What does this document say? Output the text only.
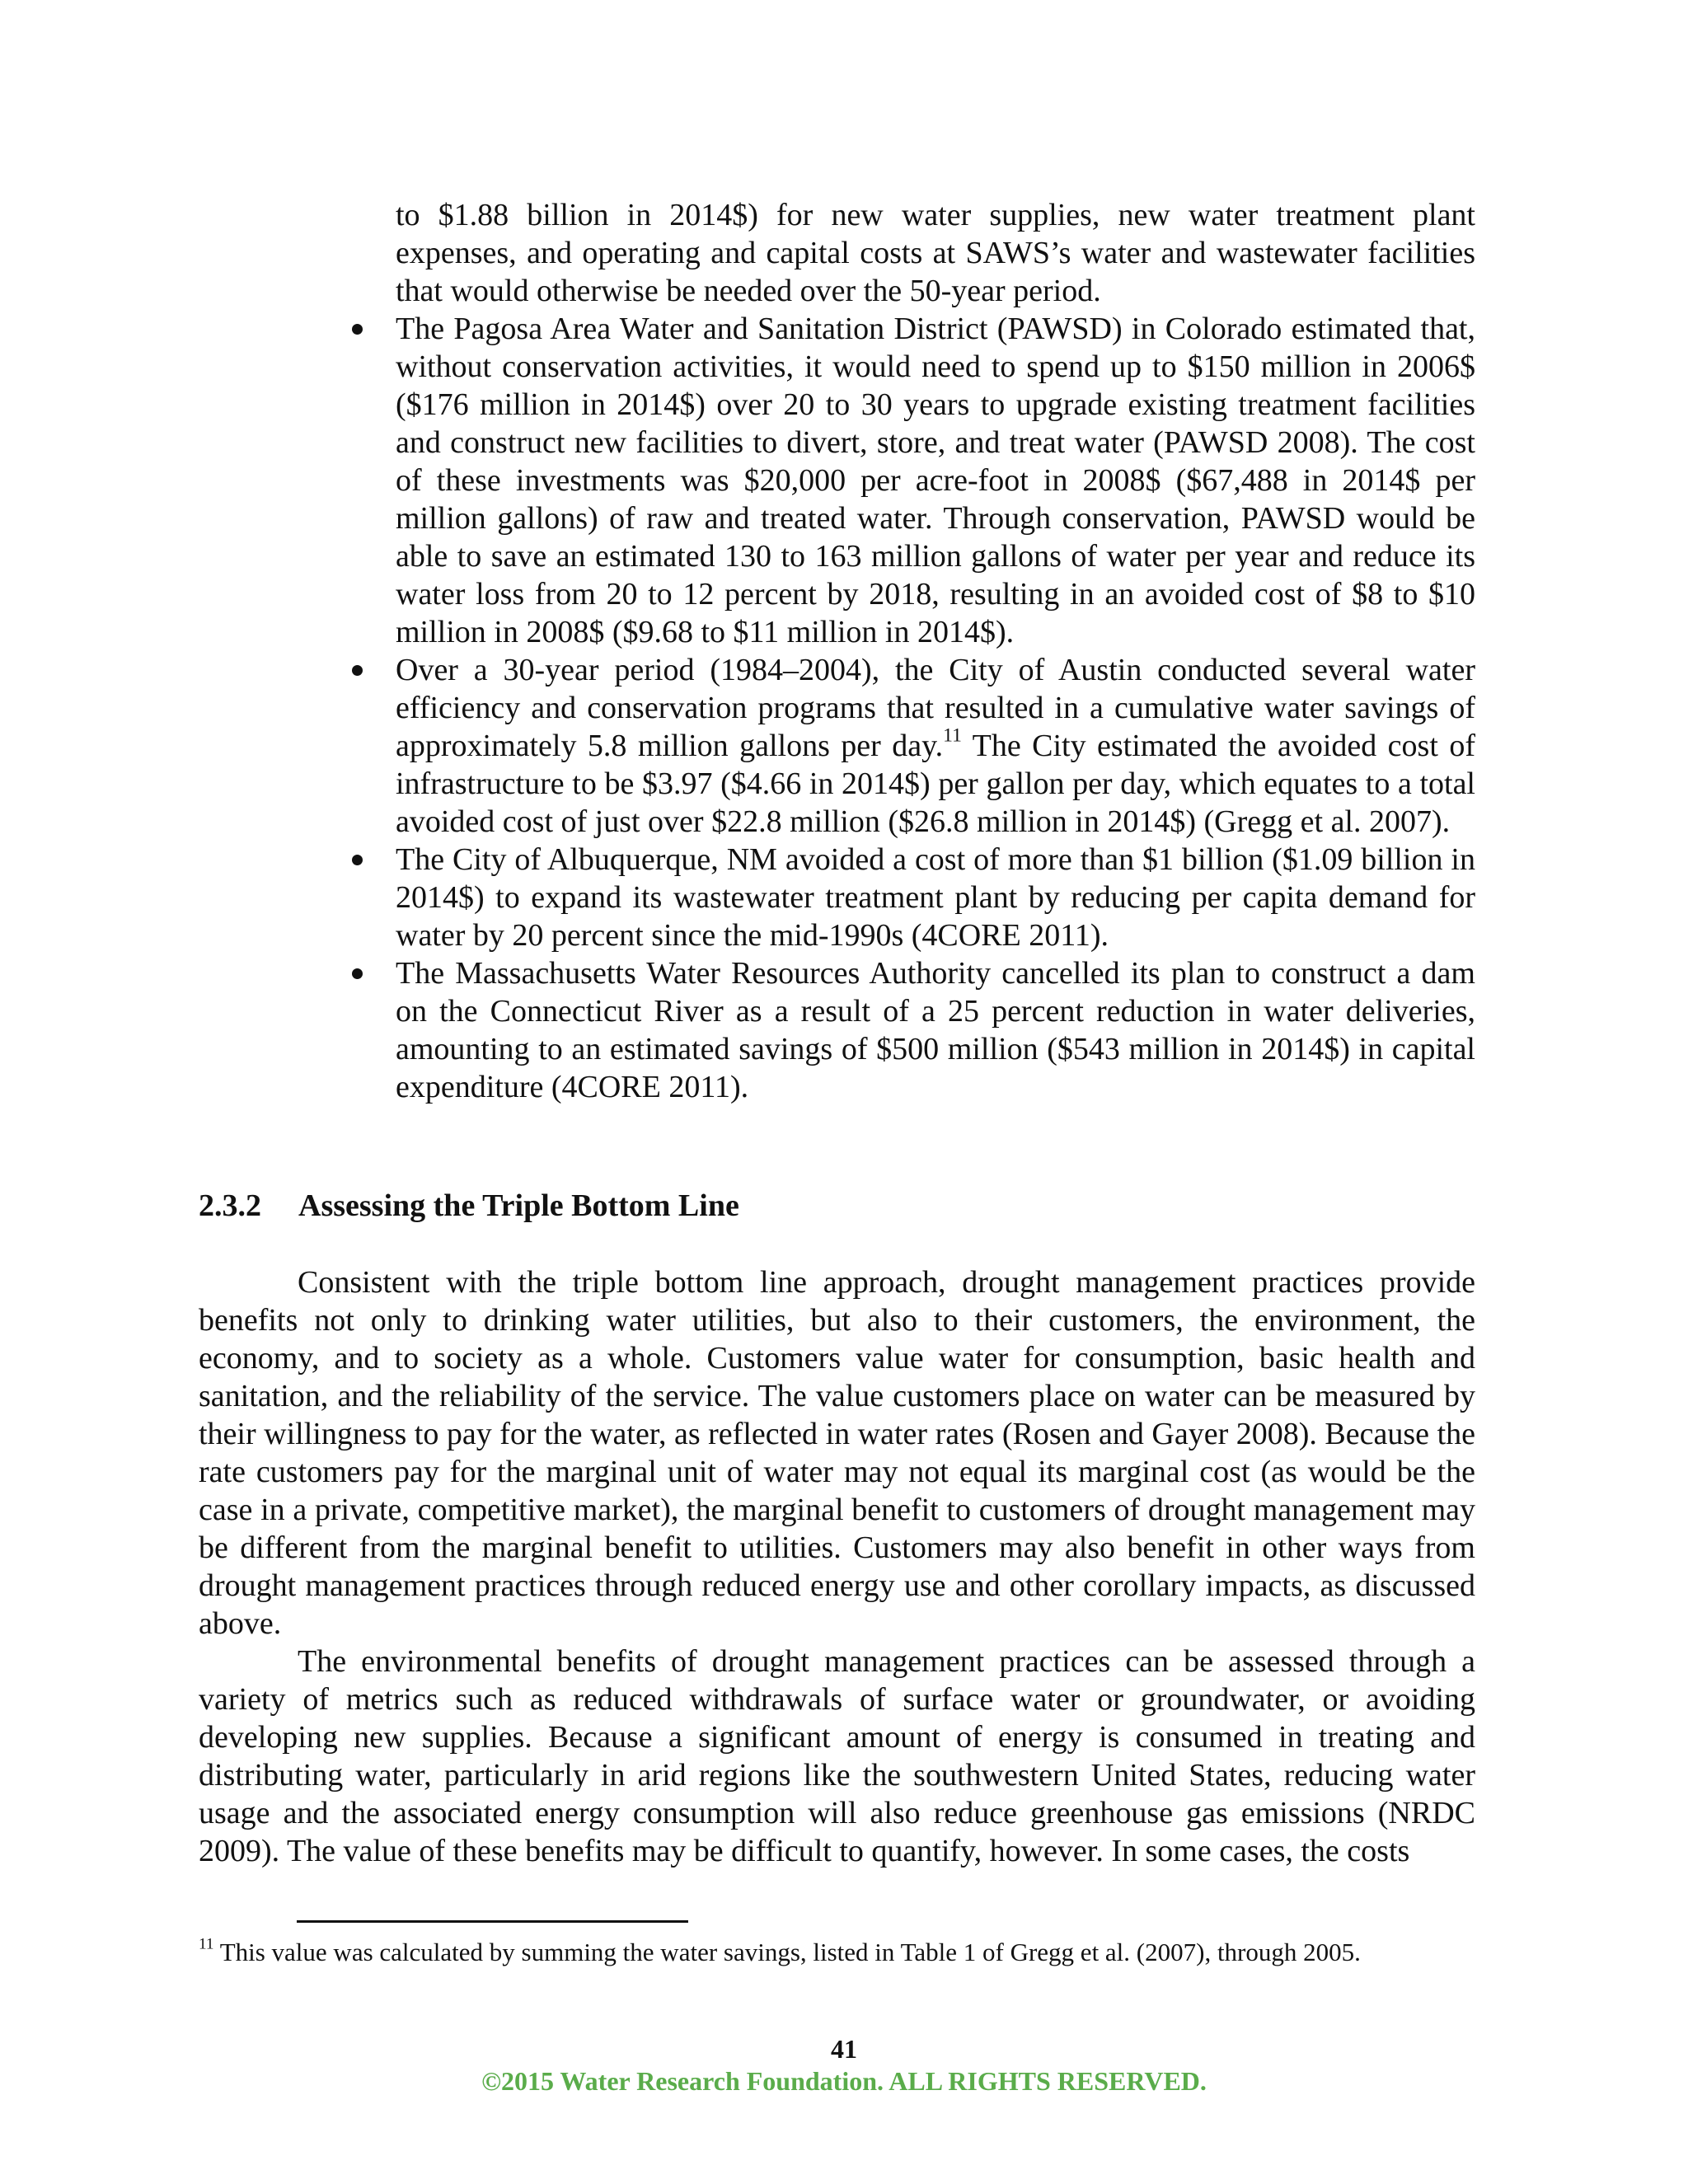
to $1.88 billion in 2014$) for new water supplies, new water treatment plant expenses, and operating and capital costs at SAWS’s water and wastewater facilities that would otherwise be needed over the 50-year period.

The Pagosa Area Water and Sanitation District (PAWSD) in Colorado estimated that, without conservation activities, it would need to spend up to $150 million in 2006$ ($176 million in 2014$) over 20 to 30 years to upgrade existing treatment facilities and construct new facilities to divert, store, and treat water (PAWSD 2008). The cost of these investments was $20,000 per acre-foot in 2008$ ($67,488 in 2014$ per million gallons) of raw and treated water. Through conservation, PAWSD would be able to save an estimated 130 to 163 million gallons of water per year and reduce its water loss from 20 to 12 percent by 2018, resulting in an avoided cost of $8 to $10 million in 2008$ ($9.68 to $11 million in 2014$).

Over a 30-year period (1984–2004), the City of Austin conducted several water efficiency and conservation programs that resulted in a cumulative water savings of approximately 5.8 million gallons per day.$^{11}$ The City estimated the avoided cost of infrastructure to be $3.97 ($4.66 in 2014$) per gallon per day, which equates to a total avoided cost of just over $22.8 million ($26.8 million in 2014$) (Gregg et al. 2007).

The City of Albuquerque, NM avoided a cost of more than $1 billion ($1.09 billion in 2014$) to expand its wastewater treatment plant by reducing per capita demand for water by 20 percent since the mid-1990s (4CORE 2011).

The Massachusetts Water Resources Authority cancelled its plan to construct a dam on the Connecticut River as a result of a 25 percent reduction in water deliveries, amounting to an estimated savings of $500 million ($543 million in 2014$) in capital expenditure (4CORE 2011).

2.3.2 Assessing the Triple Bottom Line

Consistent with the triple bottom line approach, drought management practices provide benefits not only to drinking water utilities, but also to their customers, the environment, the economy, and to society as a whole. Customers value water for consumption, basic health and sanitation, and the reliability of the service. The value customers place on water can be measured by their willingness to pay for the water, as reflected in water rates (Rosen and Gayer 2008). Because the rate customers pay for the marginal unit of water may not equal its marginal cost (as would be the case in a private, competitive market), the marginal benefit to customers of drought management may be different from the marginal benefit to utilities. Customers may also benefit in other ways from drought management practices through reduced energy use and other corollary impacts, as discussed above.

The environmental benefits of drought management practices can be assessed through a variety of metrics such as reduced withdrawals of surface water or groundwater, or avoiding developing new supplies. Because a significant amount of energy is consumed in treating and distributing water, particularly in arid regions like the southwestern United States, reducing water usage and the associated energy consumption will also reduce greenhouse gas emissions (NRDC 2009). The value of these benefits may be difficult to quantify, however. In some cases, the costs

$^{11}$ This value was calculated by summing the water savings, listed in Table 1 of Gregg et al. (2007), through 2005.
41
©2015 Water Research Foundation. ALL RIGHTS RESERVED.
